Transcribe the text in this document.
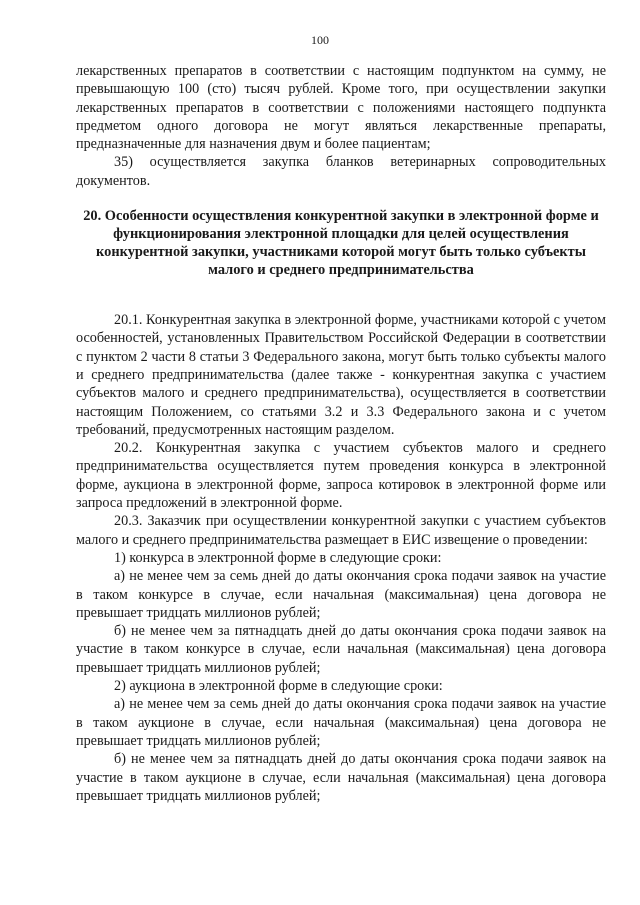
100

лекарственных препаратов в соответствии с настоящим подпунктом на сумму, не превышающую 100 (сто) тысяч рублей. Кроме того, при осуществлении закупки лекарственных препаратов в соответствии с положениями настоящего подпункта предметом одного договора не могут являться лекарственные препараты, предназначенные для назначения двум и более пациентам;

35) осуществляется закупка бланков ветеринарных сопроводительных документов.

20. Особенности осуществления конкурентной закупки в электронной форме и функционирования электронной площадки для целей осуществления конкурентной закупки, участниками которой могут быть только субъекты малого и среднего предпринимательства

20.1. Конкурентная закупка в электронной форме, участниками которой с учетом особенностей, установленных Правительством Российской Федерации в соответствии с пунктом 2 части 8 статьи 3 Федерального закона, могут быть только субъекты малого и среднего предпринимательства (далее также - конкурентная закупка с участием субъектов малого и среднего предпринимательства), осуществляется в соответствии настоящим Положением, со статьями 3.2 и 3.3 Федерального закона и с учетом требований, предусмотренных настоящим разделом.

20.2. Конкурентная закупка с участием субъектов малого и среднего предпринимательства осуществляется путем проведения конкурса в электронной форме, аукциона в электронной форме, запроса котировок в электронной форме или запроса предложений в электронной форме.

20.3. Заказчик при осуществлении конкурентной закупки с участием субъектов малого и среднего предпринимательства размещает в ЕИС извещение о проведении:

1) конкурса в электронной форме в следующие сроки:

а) не менее чем за семь дней до даты окончания срока подачи заявок на участие в таком конкурсе в случае, если начальная (максимальная) цена договора не превышает тридцать миллионов рублей;

б) не менее чем за пятнадцать дней до даты окончания срока подачи заявок на участие в таком конкурсе в случае, если начальная (максимальная) цена договора превышает тридцать миллионов рублей;

2) аукциона в электронной форме в следующие сроки:

а) не менее чем за семь дней до даты окончания срока подачи заявок на участие в таком аукционе в случае, если начальная (максимальная) цена договора не превышает тридцать миллионов рублей;

б) не менее чем за пятнадцать дней до даты окончания срока подачи заявок на участие в таком аукционе в случае, если начальная (максимальная) цена договора превышает тридцать миллионов рублей;
